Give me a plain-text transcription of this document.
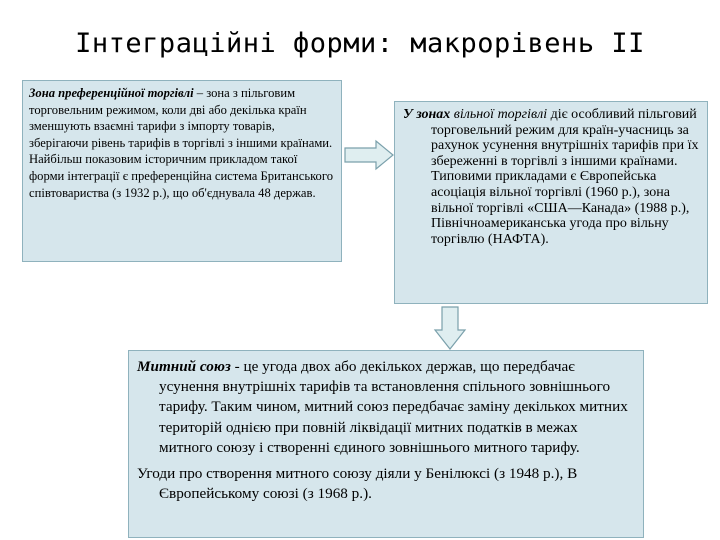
Інтеграційні форми: макрорівень ІІ
Зона преференційної торгівлі – зона з пільговим торговельним режимом, коли дві або декілька країн зменшують взаємні тарифи з імпорту товарів, зберігаючи рівень тарифів в торгівлі з іншими країнами. Найбільш показовим історичним прикладом такої форми інтеграції є преференційна система Британського співтовариства (з 1932 р.), що об'єднувала 48 держав.

У зонах вільної торгівлі діє особливий пільговий торговельний режим для країн-учасниць за рахунок усунення внутрішніх тарифів при їх збереженні в торгівлі з іншими країнами. Типовими прикладами є Європейська асоціація вільної торгівлі (1960 р.), зона вільної торгівлі «США—Канада» (1988 р.), Північноамериканська угода про вільну торгівлю (НАФТА).

Митний союз - це угода двох або декількох держав, що передбачає усунення внутрішніх тарифів та встановлення спільного зовнішнього тарифу. Таким чином, митний союз передбачає заміну декількох митних територій однією при повній ліквідації митних податків в межах митного союзу і створенні єдиного зовнішнього митного тарифу.

Угоди про створення митного союзу діяли у Бенілюксі (з 1948 р.), В Європейському союзі (з 1968 р.).
